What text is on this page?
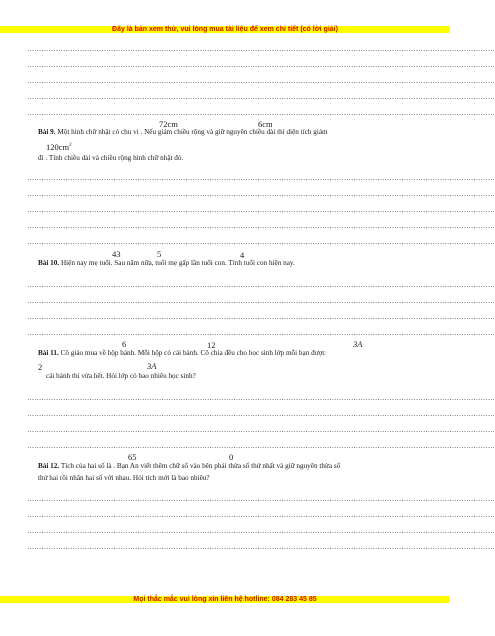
Đây là bản xem thử, vui lòng mua tài liệu để xem chi tiết (có lời giải)
……………………………………………………………………………………………………………………………………………………………………………
……………………………………………………………………………………………………………………………………………………………………………
……………………………………………………………………………………………………………………………………………………………………………
……………………………………………………………………………………………………………………………………………………………………………
……………………………………………………………………………………………………………………………………………………………………………
72cm	6cm
Bài 9. Một hình chữ nhật có chu vi . Nếu giảm chiều rộng và giữ nguyên chiều dài thì diện tích giảm
$120cm^2$
đi . Tính chiều dài và chiều rộng hình chữ nhật đó.
……………………………………………………………………………………………………………………………………………………………………………
……………………………………………………………………………………………………………………………………………………………………………
……………………………………………………………………………………………………………………………………………………………………………
……………………………………………………………………………………………………………………………………………………………………………
……………………………………………………………………………………………………………………………………………………………………………
43	5	4
Bài 10. Hiện nay mẹ tuổi. Sau năm nữa, tuổi mẹ gấp lần tuổi con. Tính tuổi con hiện nay.
……………………………………………………………………………………………………………………………………………………………………………
……………………………………………………………………………………………………………………………………………………………………………
……………………………………………………………………………………………………………………………………………………………………………
……………………………………………………………………………………………………………………………………………………………………………
6	12	3A
Bài 11. Cô giáo mua về hộp bánh. Mỗi hộp có cái bánh. Cô chia đều cho học sinh lớp mỗi bạn được
2	3A
cái bánh thì vừa hết. Hỏi lớp có bao nhiêu học sinh?
……………………………………………………………………………………………………………………………………………………………………………
……………………………………………………………………………………………………………………………………………………………………………
……………………………………………………………………………………………………………………………………………………………………………
……………………………………………………………………………………………………………………………………………………………………………
65	0
Bài 12. Tích của hai số là . Bạn An viết thêm chữ số vào bên phải thừa số thứ nhất và giữ nguyên thừa số
thứ hai rồi nhân hai số với nhau. Hỏi tích mới là bao nhiêu?
……………………………………………………………………………………………………………………………………………………………………………
……………………………………………………………………………………………………………………………………………………………………………
……………………………………………………………………………………………………………………………………………………………………………
……………………………………………………………………………………………………………………………………………………………………………
Mọi thắc mắc vui lòng xin liên hệ hotline: 084 283 45 85
